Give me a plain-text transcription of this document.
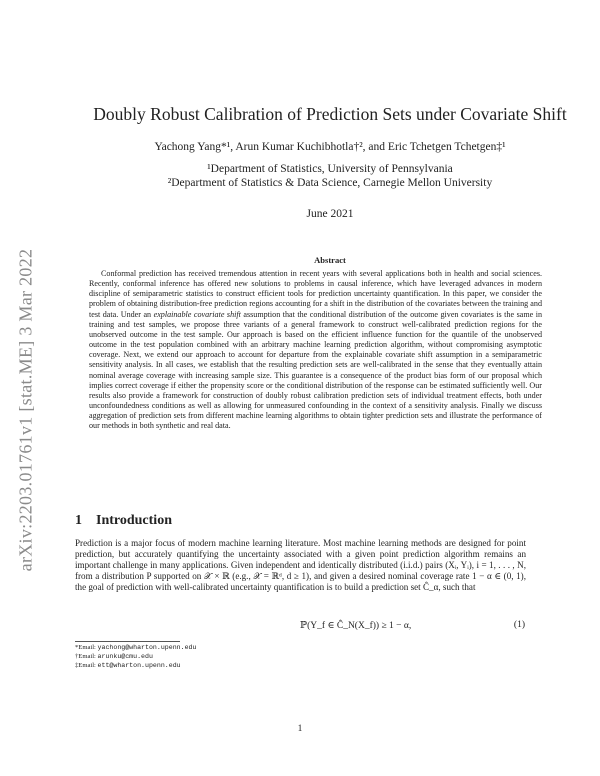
arXiv:2203.01761v1 [stat.ME] 3 Mar 2022
Doubly Robust Calibration of Prediction Sets under Covariate Shift
Yachong Yang*¹, Arun Kumar Kuchibhotla†², and Eric Tchetgen Tchetgen‡¹
¹Department of Statistics, University of Pennsylvania
²Department of Statistics & Data Science, Carnegie Mellon University
June 2021
Abstract
Conformal prediction has received tremendous attention in recent years with several applications both in health and social sciences. Recently, conformal inference has offered new solutions to problems in causal inference, which have leveraged advances in modern discipline of semiparametric statistics to construct efficient tools for prediction uncertainty quantification. In this paper, we consider the problem of obtaining distribution-free prediction regions accounting for a shift in the distribution of the covariates between the training and test data. Under an explainable covariate shift assumption that the conditional distribution of the outcome given covariates is the same in training and test samples, we propose three variants of a general framework to construct well-calibrated prediction regions for the unobserved outcome in the test sample. Our approach is based on the efficient influence function for the quantile of the unobserved outcome in the test population combined with an arbitrary machine learning prediction algorithm, without compromising asymptotic coverage. Next, we extend our approach to account for departure from the explainable covariate shift assumption in a semiparametric sensitivity analysis. In all cases, we establish that the resulting prediction sets are well-calibrated in the sense that they eventually attain nominal average coverage with increasing sample size. This guarantee is a consequence of the product bias form of our proposal which implies correct coverage if either the propensity score or the conditional distribution of the response can be estimated sufficiently well. Our results also provide a framework for construction of doubly robust calibration prediction sets of individual treatment effects, both under unconfoundedness conditions as well as allowing for unmeasured confounding in the context of a sensitivity analysis. Finally we discuss aggregation of prediction sets from different machine learning algorithms to obtain tighter prediction sets and illustrate the performance of our methods in both synthetic and real data.
1 Introduction
Prediction is a major focus of modern machine learning literature. Most machine learning methods are designed for point prediction, but accurately quantifying the uncertainty associated with a given point prediction algorithm remains an important challenge in many applications. Given independent and identically distributed (i.i.d.) pairs (Xᵢ, Yᵢ), i = 1, . . . , N, from a distribution P supported on 𝒳 × ℝ (e.g., 𝒳 = ℝᵈ, d ≥ 1), and given a desired nominal coverage rate 1 − α ∈ (0, 1), the goal of prediction with well-calibrated uncertainty quantification is to build a prediction set Ĉ_α, such that
ℙ(Y_f ∈ Ĉ_N(X_f)) ≥ 1 − α,	(1)
*Email: yachong@wharton.upenn.edu
†Email: arunku@cmu.edu
‡Email: ett@wharton.upenn.edu
1
